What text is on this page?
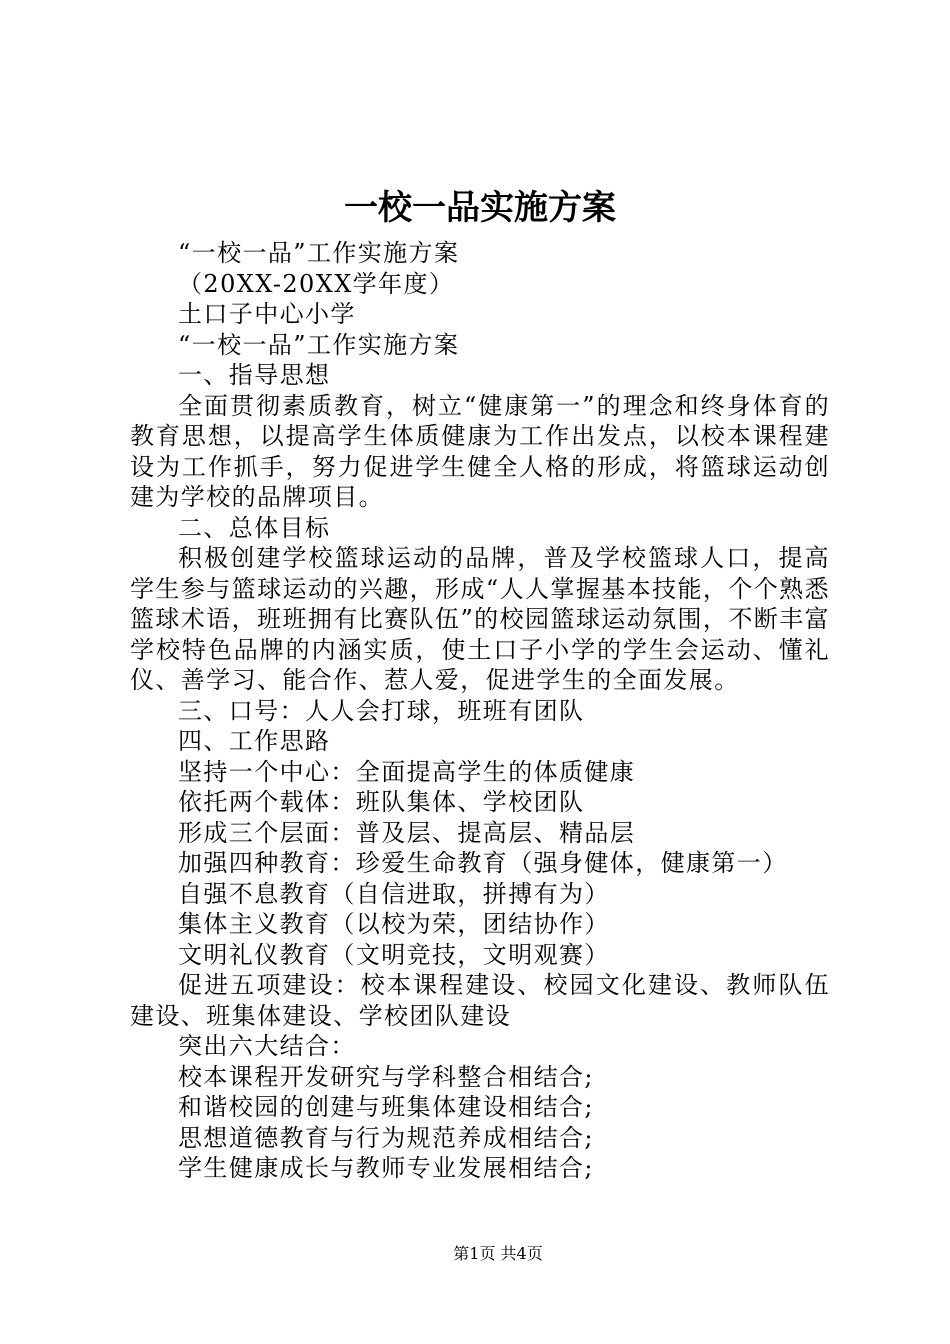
一校一品实施方案

“一校一品”工作实施方案

（20XX-20XX学年度）

土口子中心小学

“一校一品”工作实施方案

一、指导思想

全面贯彻素质教育，树立“健康第一”的理念和终身体育的教育思想，以提高学生体质健康为工作出发点，以校本课程建设为工作抓手，努力促进学生健全人格的形成，将篮球运动创建为学校的品牌项目。

二、总体目标

积极创建学校篮球运动的品牌，普及学校篮球人口，提高学生参与篮球运动的兴趣，形成“人人掌握基本技能，个个熟悉篮球术语，班班拥有比赛队伍”的校园篮球运动氛围，不断丰富学校特色品牌的内涵实质，使土口子小学的学生会运动、懂礼仪、善学习、能合作、惹人爱，促进学生的全面发展。

三、口号：人人会打球，班班有团队

四、工作思路

坚持一个中心：全面提高学生的体质健康

依托两个载体：班队集体、学校团队

形成三个层面：普及层、提高层、精品层

加强四种教育：珍爱生命教育（强身健体，健康第一）

自强不息教育（自信进取，拼搏有为）

集体主义教育（以校为荣，团结协作）

文明礼仪教育（文明竞技，文明观赛）

促进五项建设：校本课程建设、校园文化建设、教师队伍建设、班集体建设、学校团队建设

突出六大结合：

校本课程开发研究与学科整合相结合;

和谐校园的创建与班集体建设相结合;

思想道德教育与行为规范养成相结合;

学生健康成长与教师专业发展相结合;

第1页 共4页
